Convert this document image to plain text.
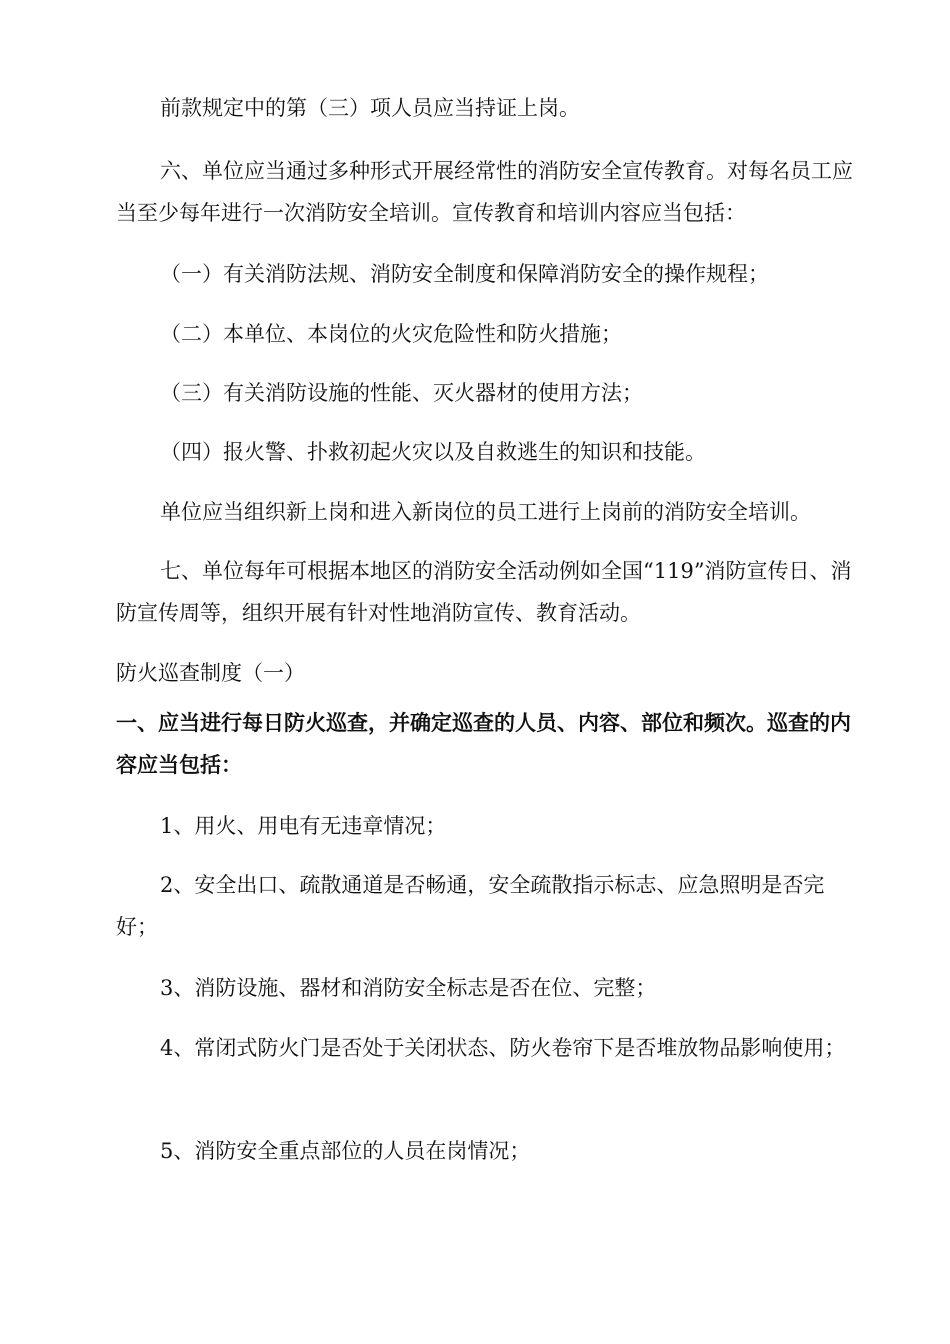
前款规定中的第（三）项人员应当持证上岗。

六、单位应当通过多种形式开展经常性的消防安全宣传教育。对每名员工应当至少每年进行一次消防安全培训。宣传教育和培训内容应当包括：

（一）有关消防法规、消防安全制度和保障消防安全的操作规程；

（二）本单位、本岗位的火灾危险性和防火措施；

（三）有关消防设施的性能、灭火器材的使用方法；

（四）报火警、扑救初起火灾以及自救逃生的知识和技能。

单位应当组织新上岗和进入新岗位的员工进行上岗前的消防安全培训。

七、单位每年可根据本地区的消防安全活动例如全国“119”消防宣传日、消防宣传周等，组织开展有针对性地消防宣传、教育活动。

防火巡查制度（一）

一、应当进行每日防火巡查，并确定巡查的人员、内容、部位和频次。巡查的内容应当包括：

1、用火、用电有无违章情况；

2、安全出口、疏散通道是否畅通，安全疏散指示标志、应急照明是否完好；

3、消防设施、器材和消防安全标志是否在位、完整；

4、常闭式防火门是否处于关闭状态、防火卷帘下是否堆放物品影响使用；

5、消防安全重点部位的人员在岗情况；
